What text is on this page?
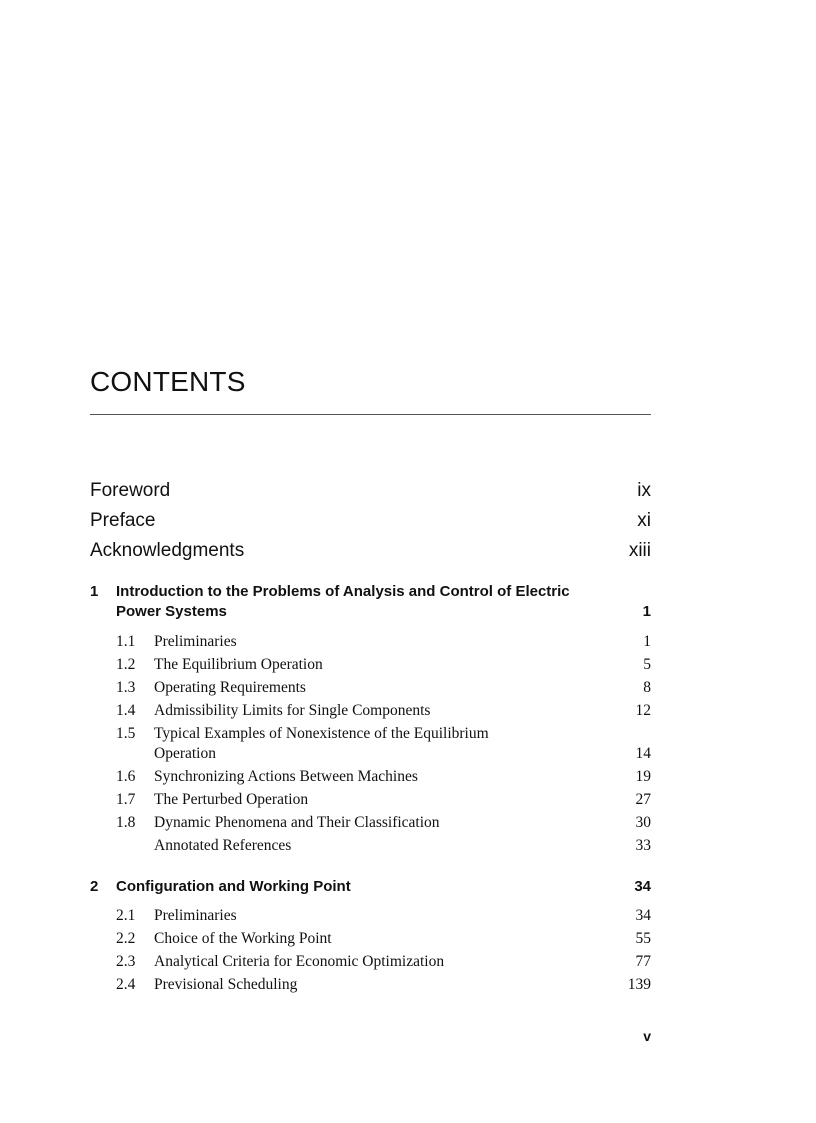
CONTENTS
Foreword	ix
Preface	xi
Acknowledgments	xiii
1 Introduction to the Problems of Analysis and Control of Electric Power Systems	1
1.1 Preliminaries	1
1.2 The Equilibrium Operation	5
1.3 Operating Requirements	8
1.4 Admissibility Limits for Single Components	12
1.5 Typical Examples of Nonexistence of the Equilibrium Operation	14
1.6 Synchronizing Actions Between Machines	19
1.7 The Perturbed Operation	27
1.8 Dynamic Phenomena and Their Classification	30
Annotated References	33
2 Configuration and Working Point	34
2.1 Preliminaries	34
2.2 Choice of the Working Point	55
2.3 Analytical Criteria for Economic Optimization	77
2.4 Previsional Scheduling	139
v
